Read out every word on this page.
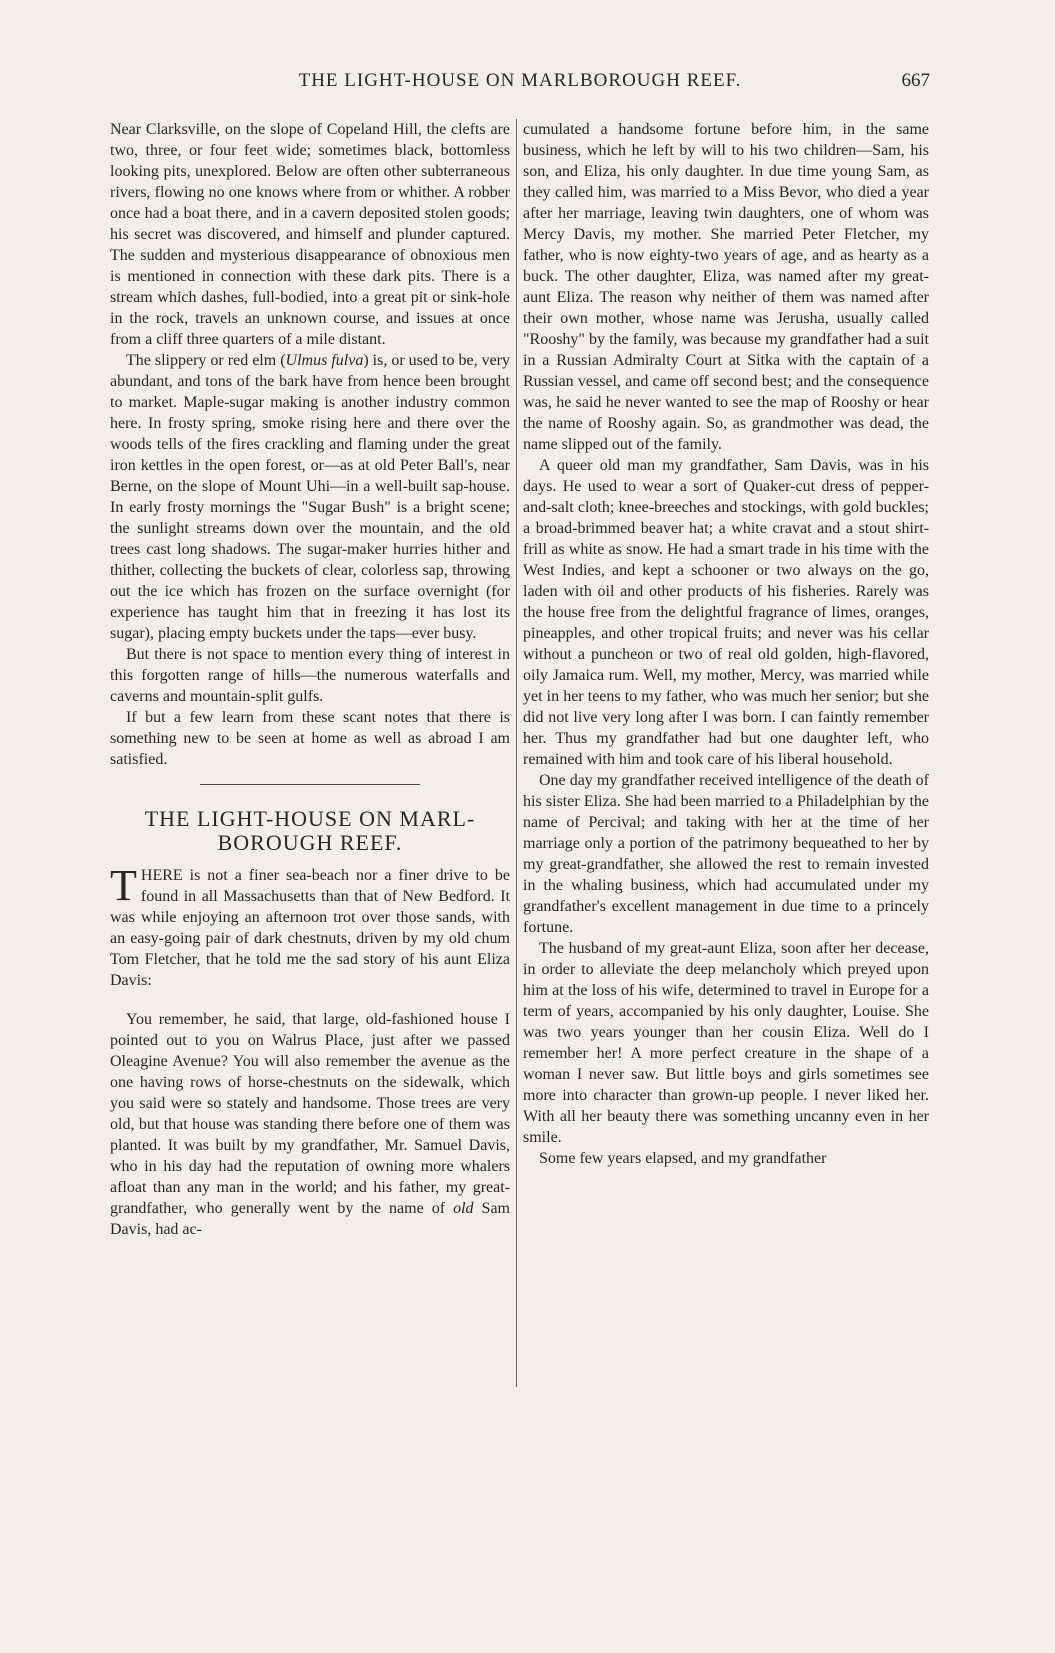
THE LIGHT-HOUSE ON MARLBOROUGH REEF.	667

Near Clarksville, on the slope of Copeland Hill, the clefts are two, three, or four feet wide; sometimes black, bottomless looking pits, unexplored. Below are often other subterraneous rivers, flowing no one knows where from or whither. A robber once had a boat there, and in a cavern deposited stolen goods; his secret was discovered, and himself and plunder captured. The sudden and mysterious disappearance of obnoxious men is mentioned in connection with these dark pits. There is a stream which dashes, full-bodied, into a great pit or sink-hole in the rock, travels an unknown course, and issues at once from a cliff three quarters of a mile distant.

The slippery or red elm (Ulmus fulva) is, or used to be, very abundant, and tons of the bark have from hence been brought to market. Maple-sugar making is another industry common here. In frosty spring, smoke rising here and there over the woods tells of the fires crackling and flaming under the great iron kettles in the open forest, or—as at old Peter Ball's, near Berne, on the slope of Mount Uhi—in a well-built sap-house. In early frosty mornings the "Sugar Bush" is a bright scene; the sunlight streams down over the mountain, and the old trees cast long shadows. The sugar-maker hurries hither and thither, collecting the buckets of clear, colorless sap, throwing out the ice which has frozen on the surface overnight (for experience has taught him that in freezing it has lost its sugar), placing empty buckets under the taps—ever busy.

But there is not space to mention every thing of interest in this forgotten range of hills—the numerous waterfalls and caverns and mountain-split gulfs.

If but a few learn from these scant notes that there is something new to be seen at home as well as abroad I am satisfied.

THE LIGHT-HOUSE ON MARL-
BOROUGH REEF.

THERE is not a finer sea-beach nor a finer drive to be found in all Massachusetts than that of New Bedford. It was while enjoying an afternoon trot over those sands, with an easy-going pair of dark chestnuts, driven by my old chum Tom Fletcher, that he told me the sad story of his aunt Eliza Davis:

You remember, he said, that large, old-fashioned house I pointed out to you on Walrus Place, just after we passed Oleagine Avenue? You will also remember the avenue as the one having rows of horse-chestnuts on the sidewalk, which you said were so stately and handsome. Those trees are very old, but that house was standing there before one of them was planted. It was built by my grandfather, Mr. Samuel Davis, who in his day had the reputation of owning more whalers afloat than any man in the world; and his father, my great-grandfather, who generally went by the name of old Sam Davis, had ac-

cumulated a handsome fortune before him, in the same business, which he left by will to his two children—Sam, his son, and Eliza, his only daughter. In due time young Sam, as they called him, was married to a Miss Bevor, who died a year after her marriage, leaving twin daughters, one of whom was Mercy Davis, my mother. She married Peter Fletcher, my father, who is now eighty-two years of age, and as hearty as a buck. The other daughter, Eliza, was named after my great-aunt Eliza. The reason why neither of them was named after their own mother, whose name was Jerusha, usually called "Rooshy" by the family, was because my grandfather had a suit in a Russian Admiralty Court at Sitka with the captain of a Russian vessel, and came off second best; and the consequence was, he said he never wanted to see the map of Rooshy or hear the name of Rooshy again. So, as grandmother was dead, the name slipped out of the family.

A queer old man my grandfather, Sam Davis, was in his days. He used to wear a sort of Quaker-cut dress of pepper-and-salt cloth; knee-breeches and stockings, with gold buckles; a broad-brimmed beaver hat; a white cravat and a stout shirt-frill as white as snow. He had a smart trade in his time with the West Indies, and kept a schooner or two always on the go, laden with oil and other products of his fisheries. Rarely was the house free from the delightful fragrance of limes, oranges, pineapples, and other tropical fruits; and never was his cellar without a puncheon or two of real old golden, high-flavored, oily Jamaica rum. Well, my mother, Mercy, was married while yet in her teens to my father, who was much her senior; but she did not live very long after I was born. I can faintly remember her. Thus my grandfather had but one daughter left, who remained with him and took care of his liberal household.

One day my grandfather received intelligence of the death of his sister Eliza. She had been married to a Philadelphian by the name of Percival; and taking with her at the time of her marriage only a portion of the patrimony bequeathed to her by my great-grandfather, she allowed the rest to remain invested in the whaling business, which had accumulated under my grandfather's excellent management in due time to a princely fortune.

The husband of my great-aunt Eliza, soon after her decease, in order to alleviate the deep melancholy which preyed upon him at the loss of his wife, determined to travel in Europe for a term of years, accompanied by his only daughter, Louise. She was two years younger than her cousin Eliza. Well do I remember her! A more perfect creature in the shape of a woman I never saw. But little boys and girls sometimes see more into character than grown-up people. I never liked her. With all her beauty there was something uncanny even in her smile.

Some few years elapsed, and my grandfather
